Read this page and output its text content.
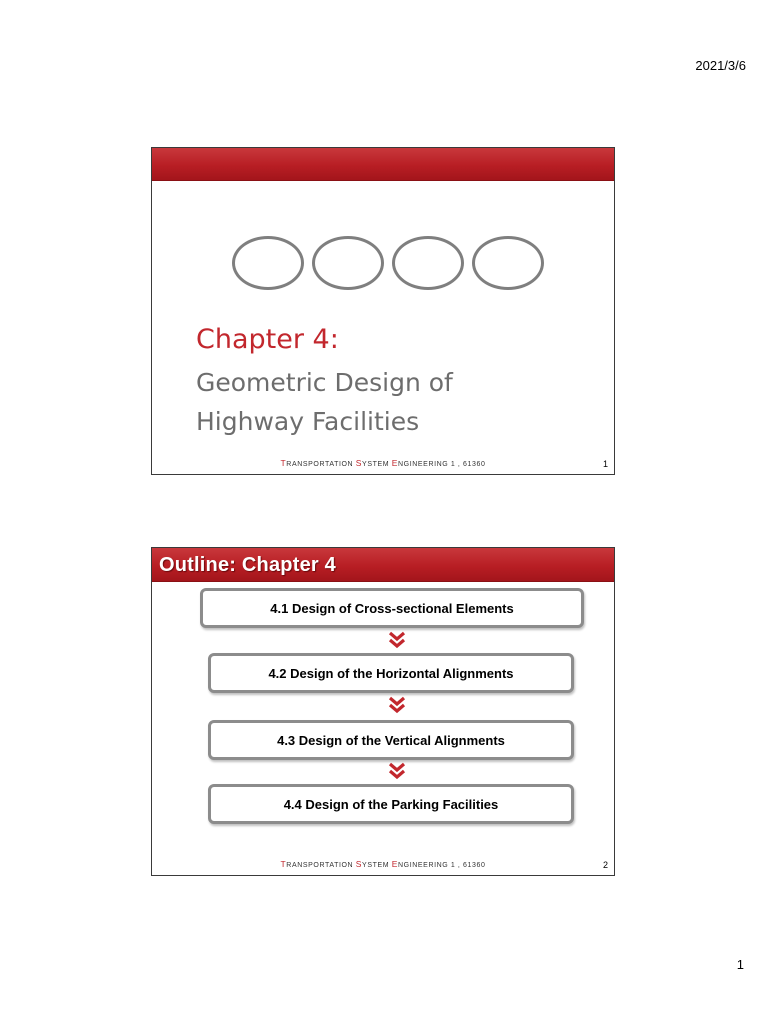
2021/3/6
Chapter 4:
Geometric Design of
Highway Facilities
TRANSPORTATION SYSTEM ENGINEERING 1 , 61360	1
Outline: Chapter 4
4.1 Design of Cross-sectional Elements
4.2 Design of the Horizontal Alignments
4.3 Design of the Vertical Alignments
4.4 Design of the Parking Facilities
TRANSPORTATION SYSTEM ENGINEERING 1 , 61360	2
1
